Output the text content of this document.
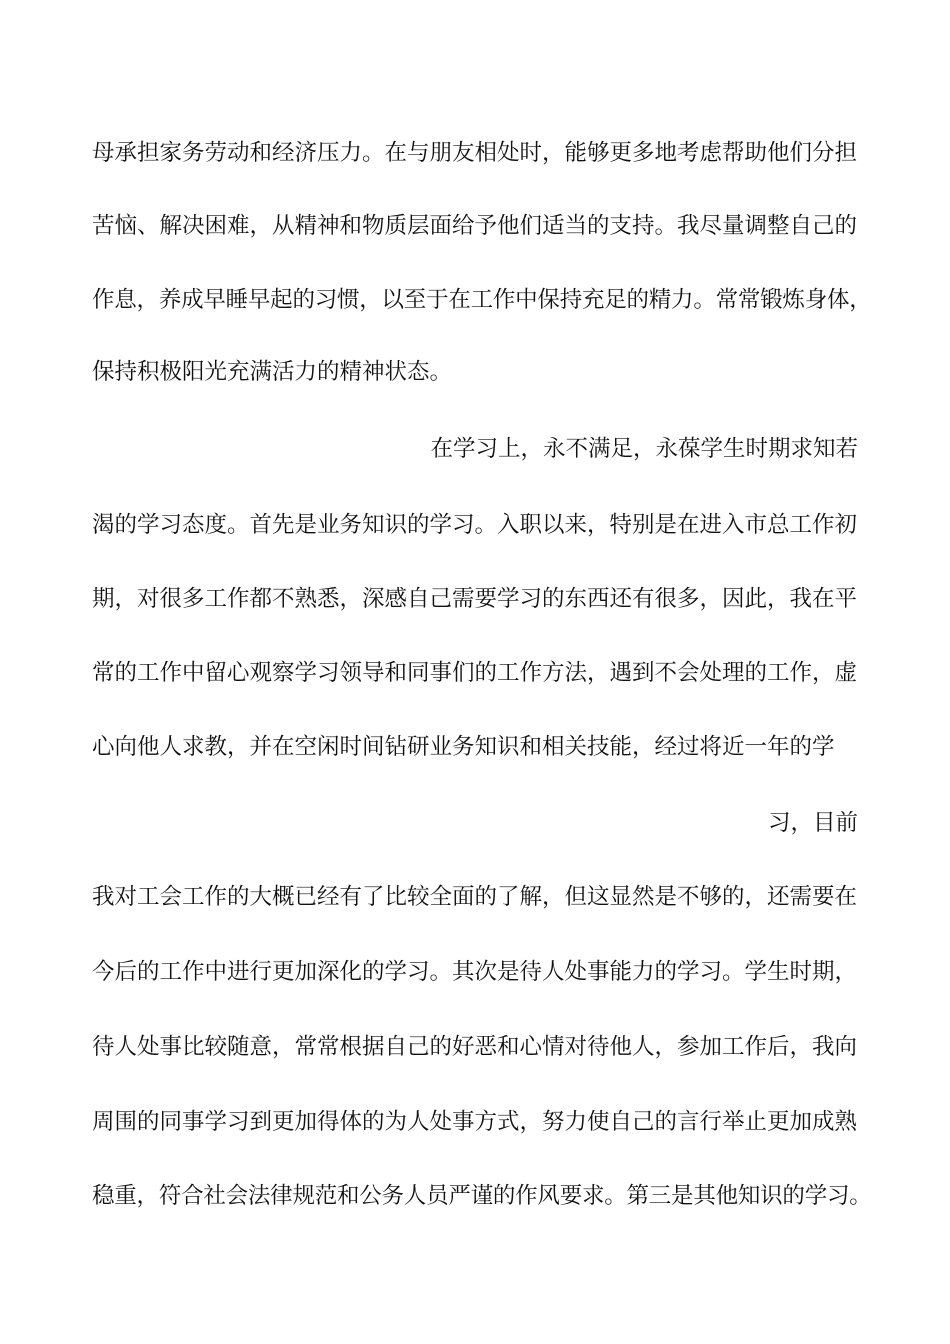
母承担家务劳动和经济压力。在与朋友相处时，能够更多地考虑帮助他们分担
苦恼、解决困难，从精神和物质层面给予他们适当的支持。我尽量调整自己的
作息，养成早睡早起的习惯，以至于在工作中保持充足的精力。常常锻炼身体，
保持积极阳光充满活力的精神状态。
在学习上，永不满足，永葆学生时期求知若
渴的学习态度。首先是业务知识的学习。入职以来，特别是在进入市总工作初
期，对很多工作都不熟悉，深感自己需要学习的东西还有很多，因此，我在平
常的工作中留心观察学习领导和同事们的工作方法，遇到不会处理的工作，虚
心向他人求教，并在空闲时间钻研业务知识和相关技能，经过将近一年的学
习，目前
我对工会工作的大概已经有了比较全面的了解，但这显然是不够的，还需要在
今后的工作中进行更加深化的学习。其次是待人处事能力的学习。学生时期，
待人处事比较随意，常常根据自己的好恶和心情对待他人，参加工作后，我向
周围的同事学习到更加得体的为人处事方式，努力使自己的言行举止更加成熟
稳重，符合社会法律规范和公务人员严谨的作风要求。第三是其他知识的学习。
